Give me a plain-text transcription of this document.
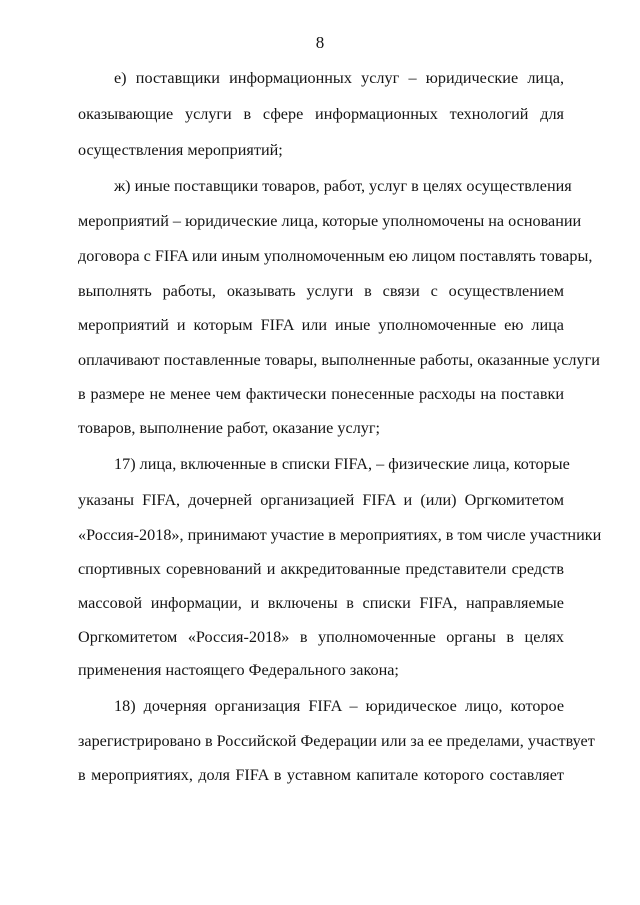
8
е) поставщики информационных услуг – юридические лица,
оказывающие услуги в сфере информационных технологий для
осуществления мероприятий;
ж) иные поставщики товаров, работ, услуг в целях осуществления
мероприятий – юридические лица, которые уполномочены на основании
договора с FIFA или иным уполномоченным ею лицом поставлять товары,
выполнять работы, оказывать услуги в связи с осуществлением
мероприятий и которым FIFA или иные уполномоченные ею лица
оплачивают поставленные товары, выполненные работы, оказанные услуги
в размере не менее чем фактически понесенные расходы на поставки
товаров, выполнение работ, оказание услуг;
17) лица, включенные в списки FIFA, – физические лица, которые
указаны FIFA, дочерней организацией FIFA и (или) Оргкомитетом
«Россия-2018», принимают участие в мероприятиях, в том числе участники
спортивных соревнований и аккредитованные представители средств
массовой информации, и включены в списки FIFA, направляемые
Оргкомитетом «Россия-2018» в уполномоченные органы в целях
применения настоящего Федерального закона;
18) дочерняя организация FIFA – юридическое лицо, которое
зарегистрировано в Российской Федерации или за ее пределами, участвует
в мероприятиях, доля FIFA в уставном капитале которого составляет
